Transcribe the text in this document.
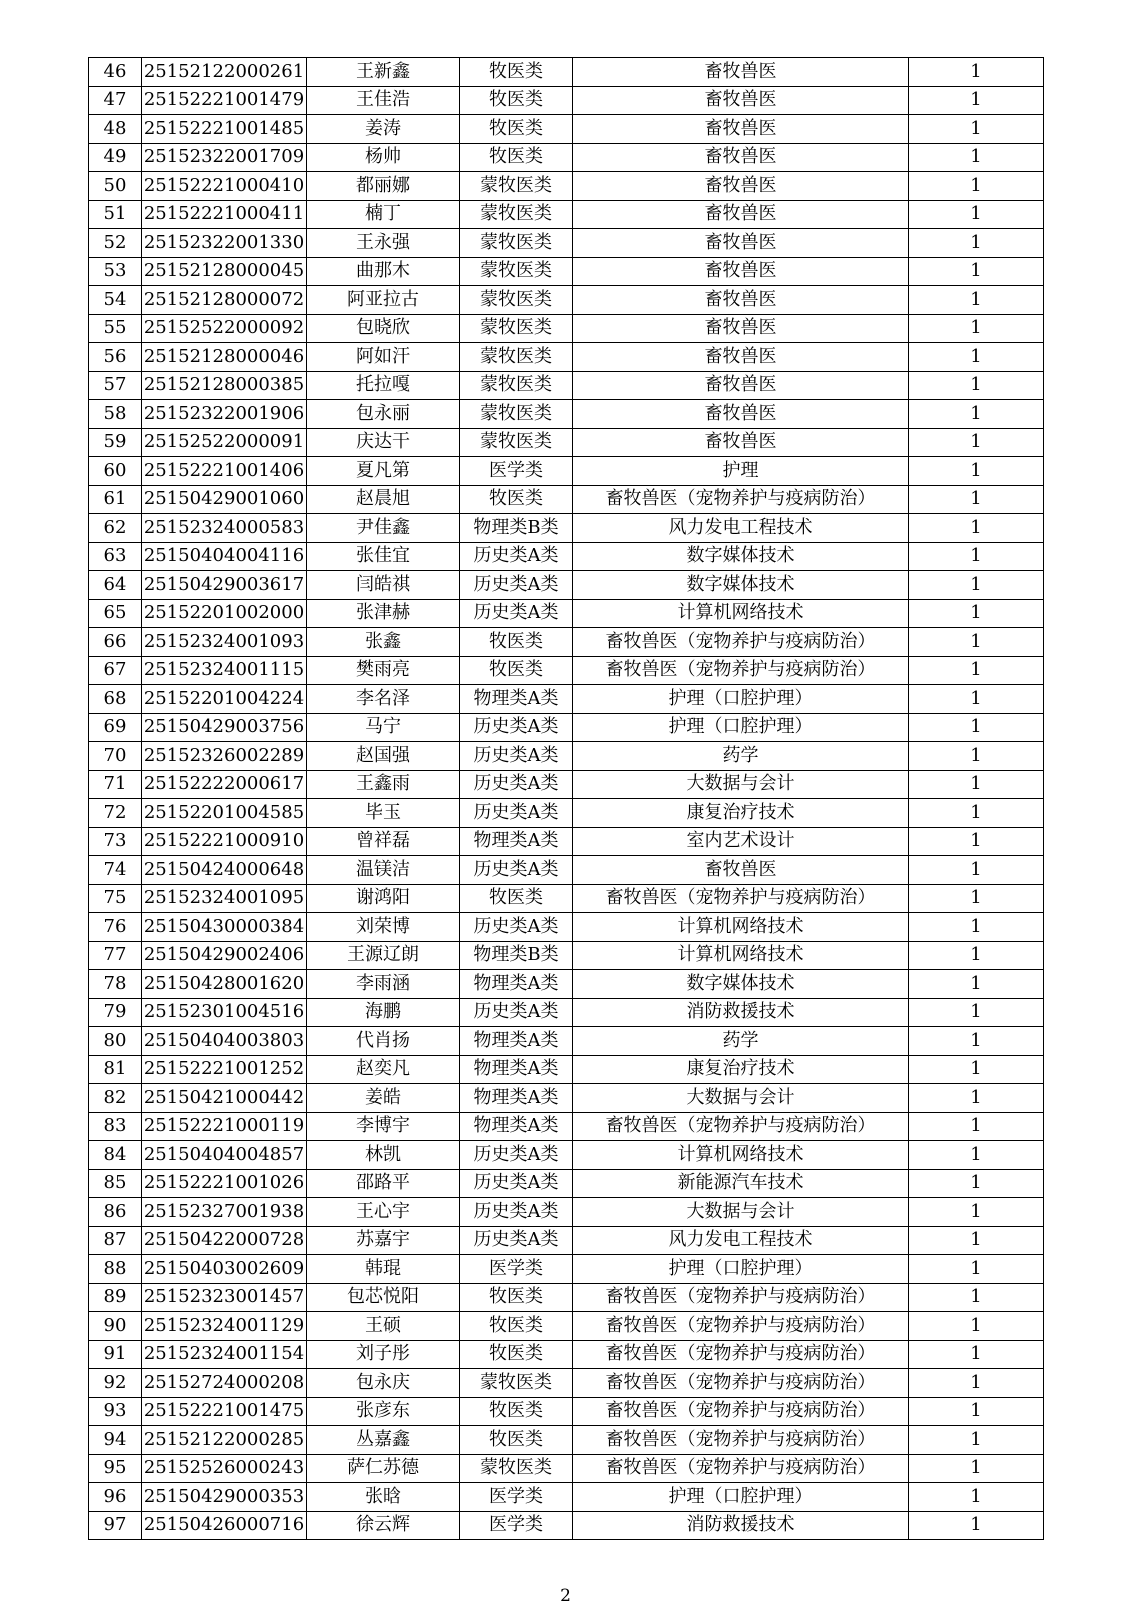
46	25152122000261	王新鑫	牧医类	畜牧兽医	1
47	25152221001479	王佳浩	牧医类	畜牧兽医	1
48	25152221001485	姜涛	牧医类	畜牧兽医	1
49	25152322001709	杨帅	牧医类	畜牧兽医	1
50	25152221000410	都丽娜	蒙牧医类	畜牧兽医	1
51	25152221000411	楠丁	蒙牧医类	畜牧兽医	1
52	25152322001330	王永强	蒙牧医类	畜牧兽医	1
53	25152128000045	曲那木	蒙牧医类	畜牧兽医	1
54	25152128000072	阿亚拉古	蒙牧医类	畜牧兽医	1
55	25152522000092	包晓欣	蒙牧医类	畜牧兽医	1
56	25152128000046	阿如汗	蒙牧医类	畜牧兽医	1
57	25152128000385	托拉嘎	蒙牧医类	畜牧兽医	1
58	25152322001906	包永丽	蒙牧医类	畜牧兽医	1
59	25152522000091	庆达干	蒙牧医类	畜牧兽医	1
60	25152221001406	夏凡第	医学类	护理	1
61	25150429001060	赵晨旭	牧医类	畜牧兽医（宠物养护与疫病防治）	1
62	25152324000583	尹佳鑫	物理类B类	风力发电工程技术	1
63	25150404004116	张佳宜	历史类A类	数字媒体技术	1
64	25150429003617	闫皓祺	历史类A类	数字媒体技术	1
65	25152201002000	张津赫	历史类A类	计算机网络技术	1
66	25152324001093	张鑫	牧医类	畜牧兽医（宠物养护与疫病防治）	1
67	25152324001115	樊雨亮	牧医类	畜牧兽医（宠物养护与疫病防治）	1
68	25152201004224	李名泽	物理类A类	护理（口腔护理）	1
69	25150429003756	马宁	历史类A类	护理（口腔护理）	1
70	25152326002289	赵国强	历史类A类	药学	1
71	25152222000617	王鑫雨	历史类A类	大数据与会计	1
72	25152201004585	毕玉	历史类A类	康复治疗技术	1
73	25152221000910	曾祥磊	物理类A类	室内艺术设计	1
74	25150424000648	温镁洁	历史类A类	畜牧兽医	1
75	25152324001095	谢鸿阳	牧医类	畜牧兽医（宠物养护与疫病防治）	1
76	25150430000384	刘荣博	历史类A类	计算机网络技术	1
77	25150429002406	王源辽朗	物理类B类	计算机网络技术	1
78	25150428001620	李雨涵	物理类A类	数字媒体技术	1
79	25152301004516	海鹏	历史类A类	消防救援技术	1
80	25150404003803	代肖扬	物理类A类	药学	1
81	25152221001252	赵奕凡	物理类A类	康复治疗技术	1
82	25150421000442	姜皓	物理类A类	大数据与会计	1
83	25152221000119	李博宇	物理类A类	畜牧兽医（宠物养护与疫病防治）	1
84	25150404004857	林凯	历史类A类	计算机网络技术	1
85	25152221001026	邵路平	历史类A类	新能源汽车技术	1
86	25152327001938	王心宇	历史类A类	大数据与会计	1
87	25150422000728	苏嘉宇	历史类A类	风力发电工程技术	1
88	25150403002609	韩琨	医学类	护理（口腔护理）	1
89	25152323001457	包芯悦阳	牧医类	畜牧兽医（宠物养护与疫病防治）	1
90	25152324001129	王硕	牧医类	畜牧兽医（宠物养护与疫病防治）	1
91	25152324001154	刘子彤	牧医类	畜牧兽医（宠物养护与疫病防治）	1
92	25152724000208	包永庆	蒙牧医类	畜牧兽医（宠物养护与疫病防治）	1
93	25152221001475	张彦东	牧医类	畜牧兽医（宠物养护与疫病防治）	1
94	25152122000285	丛嘉鑫	牧医类	畜牧兽医（宠物养护与疫病防治）	1
95	25152526000243	萨仁苏德	蒙牧医类	畜牧兽医（宠物养护与疫病防治）	1
96	25150429000353	张晗	医学类	护理（口腔护理）	1
97	25150426000716	徐云辉	医学类	消防救援技术	1
2
